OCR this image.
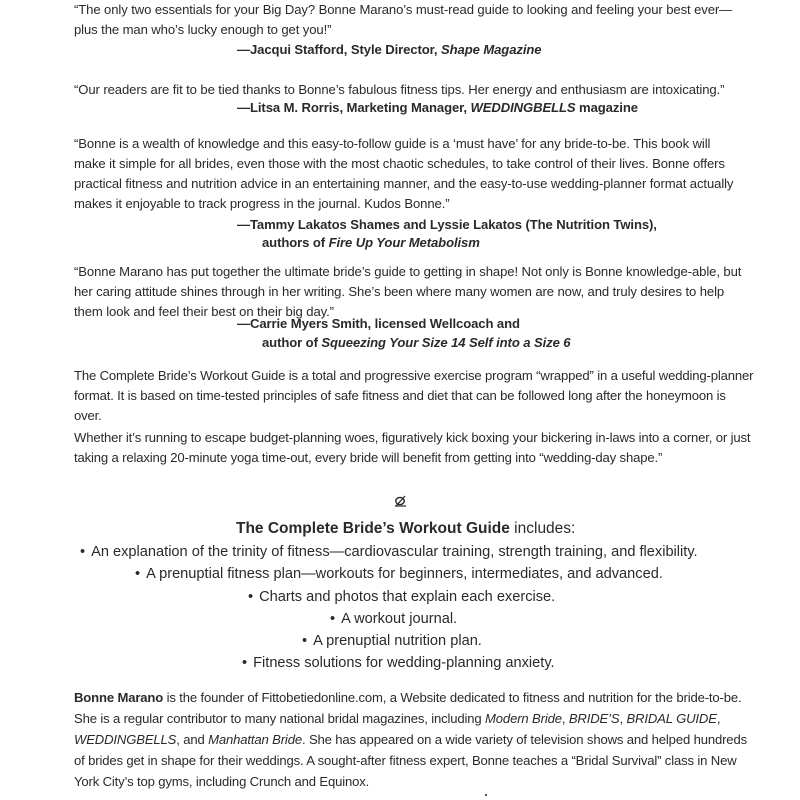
“The only two essentials for your Big Day? Bonne Marano’s must-read guide to looking and feeling your best ever—plus the man who’s lucky enough to get you!”

—Jacqui Stafford, Style Director, Shape Magazine

“Our readers are fit to be tied thanks to Bonne’s fabulous fitness tips. Her energy and enthusiasm are intoxicating.”

—Litsa M. Rorris, Marketing Manager, WEDDINGBELLS magazine

“Bonne is a wealth of knowledge and this easy-to-follow guide is a ‘must have’ for any bride-to-be. This book will make it simple for all brides, even those with the most chaotic schedules, to take control of their lives. Bonne offers practical fitness and nutrition advice in an entertaining manner, and the easy-to-use wedding-planner format actually makes it enjoyable to track progress in the journal. Kudos Bonne.”

—Tammy Lakatos Shames and Lyssie Lakatos (The Nutrition Twins),
authors of Fire Up Your Metabolism

“Bonne Marano has put together the ultimate bride’s guide to getting in shape! Not only is Bonne knowledge-able, but her caring attitude shines through in her writing. She’s been where many women are now, and truly desires to help them look and feel their best on their big day.”

—Carrie Myers Smith, licensed Wellcoach and
author of Squeezing Your Size 14 Self into a Size 6

The Complete Bride’s Workout Guide is a total and progressive exercise program “wrapped” in a useful wedding-planner format. It is based on time-tested principles of safe fitness and diet that can be followed long after the honeymoon is over.

Whether it’s running to escape budget-planning woes, figuratively kick boxing your bickering in-laws into a corner, or just taking a relaxing 20-minute yoga time-out, every bride will benefit from getting into “wedding-day shape.”

The Complete Bride’s Workout Guide includes:
• An explanation of the trinity of fitness—cardiovascular training, strength training, and flexibility.
• A prenuptial fitness plan—workouts for beginners, intermediates, and advanced.
• Charts and photos that explain each exercise.
• A workout journal.
• A prenuptial nutrition plan.
• Fitness solutions for wedding-planning anxiety.

Bonne Marano is the founder of Fittobetiedonline.com, a Website dedicated to fitness and nutrition for the bride-to-be. She is a regular contributor to many national bridal magazines, including Modern Bride, BRIDE’S, BRIDAL GUIDE, WEDDINGBELLS, and Manhattan Bride. She has appeared on a wide variety of television shows and helped hundreds of brides get in shape for their weddings. A sought-after fitness expert, Bonne teaches a “Bridal Survival” class in New York City’s top gyms, including Crunch and Equinox.
